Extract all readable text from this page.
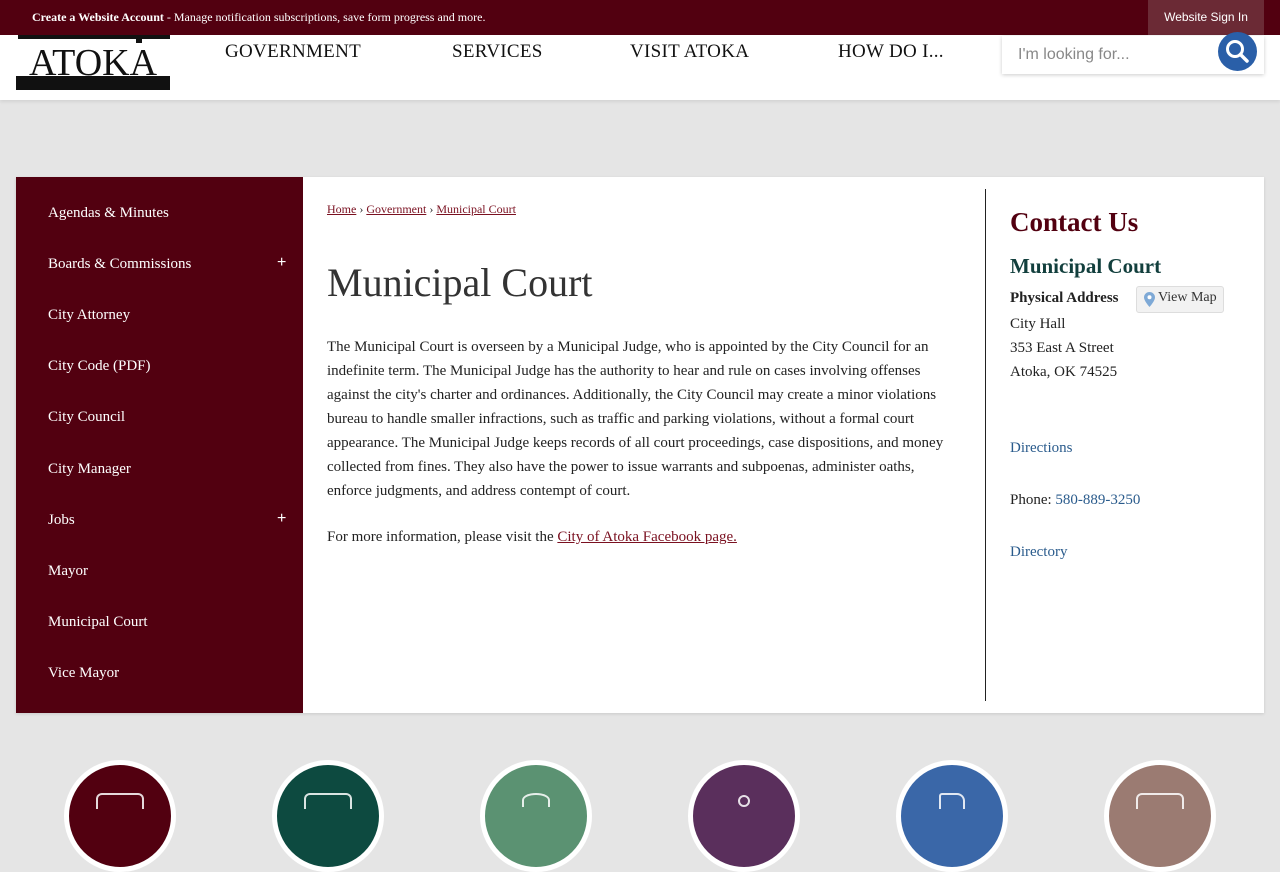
Create a Website Account - Manage notification subscriptions, save form progress and more.	Website Sign In
ATOKA	GOVERNMENT	SERVICES	VISIT ATOKA	HOW DO I...
I'm looking for...
Agendas & Minutes
Boards & Commissions	+
City Attorney
City Code (PDF)
City Council
City Manager
Jobs	+
Mayor
Municipal Court
Vice Mayor
Home › Government › Municipal Court
Municipal Court

The Municipal Court is overseen by a Municipal Judge, who is appointed by the City Council for an indefinite term. The Municipal Judge has the authority to hear and rule on cases involving offenses against the city's charter and ordinances. Additionally, the City Council may create a minor violations bureau to handle smaller infractions, such as traffic and parking violations, without a formal court appearance. The Municipal Judge keeps records of all court proceedings, case dispositions, and money collected from fines. They also have the power to issue warrants and subpoenas, administer oaths, enforce judgments, and address contempt of court.

For more information, please visit the City of Atoka Facebook page.

Contact Us
Municipal Court
Physical Address	View Map
City Hall
353 East A Street
Atoka, OK 74525
Directions
Phone: 580-889-3250
Directory
